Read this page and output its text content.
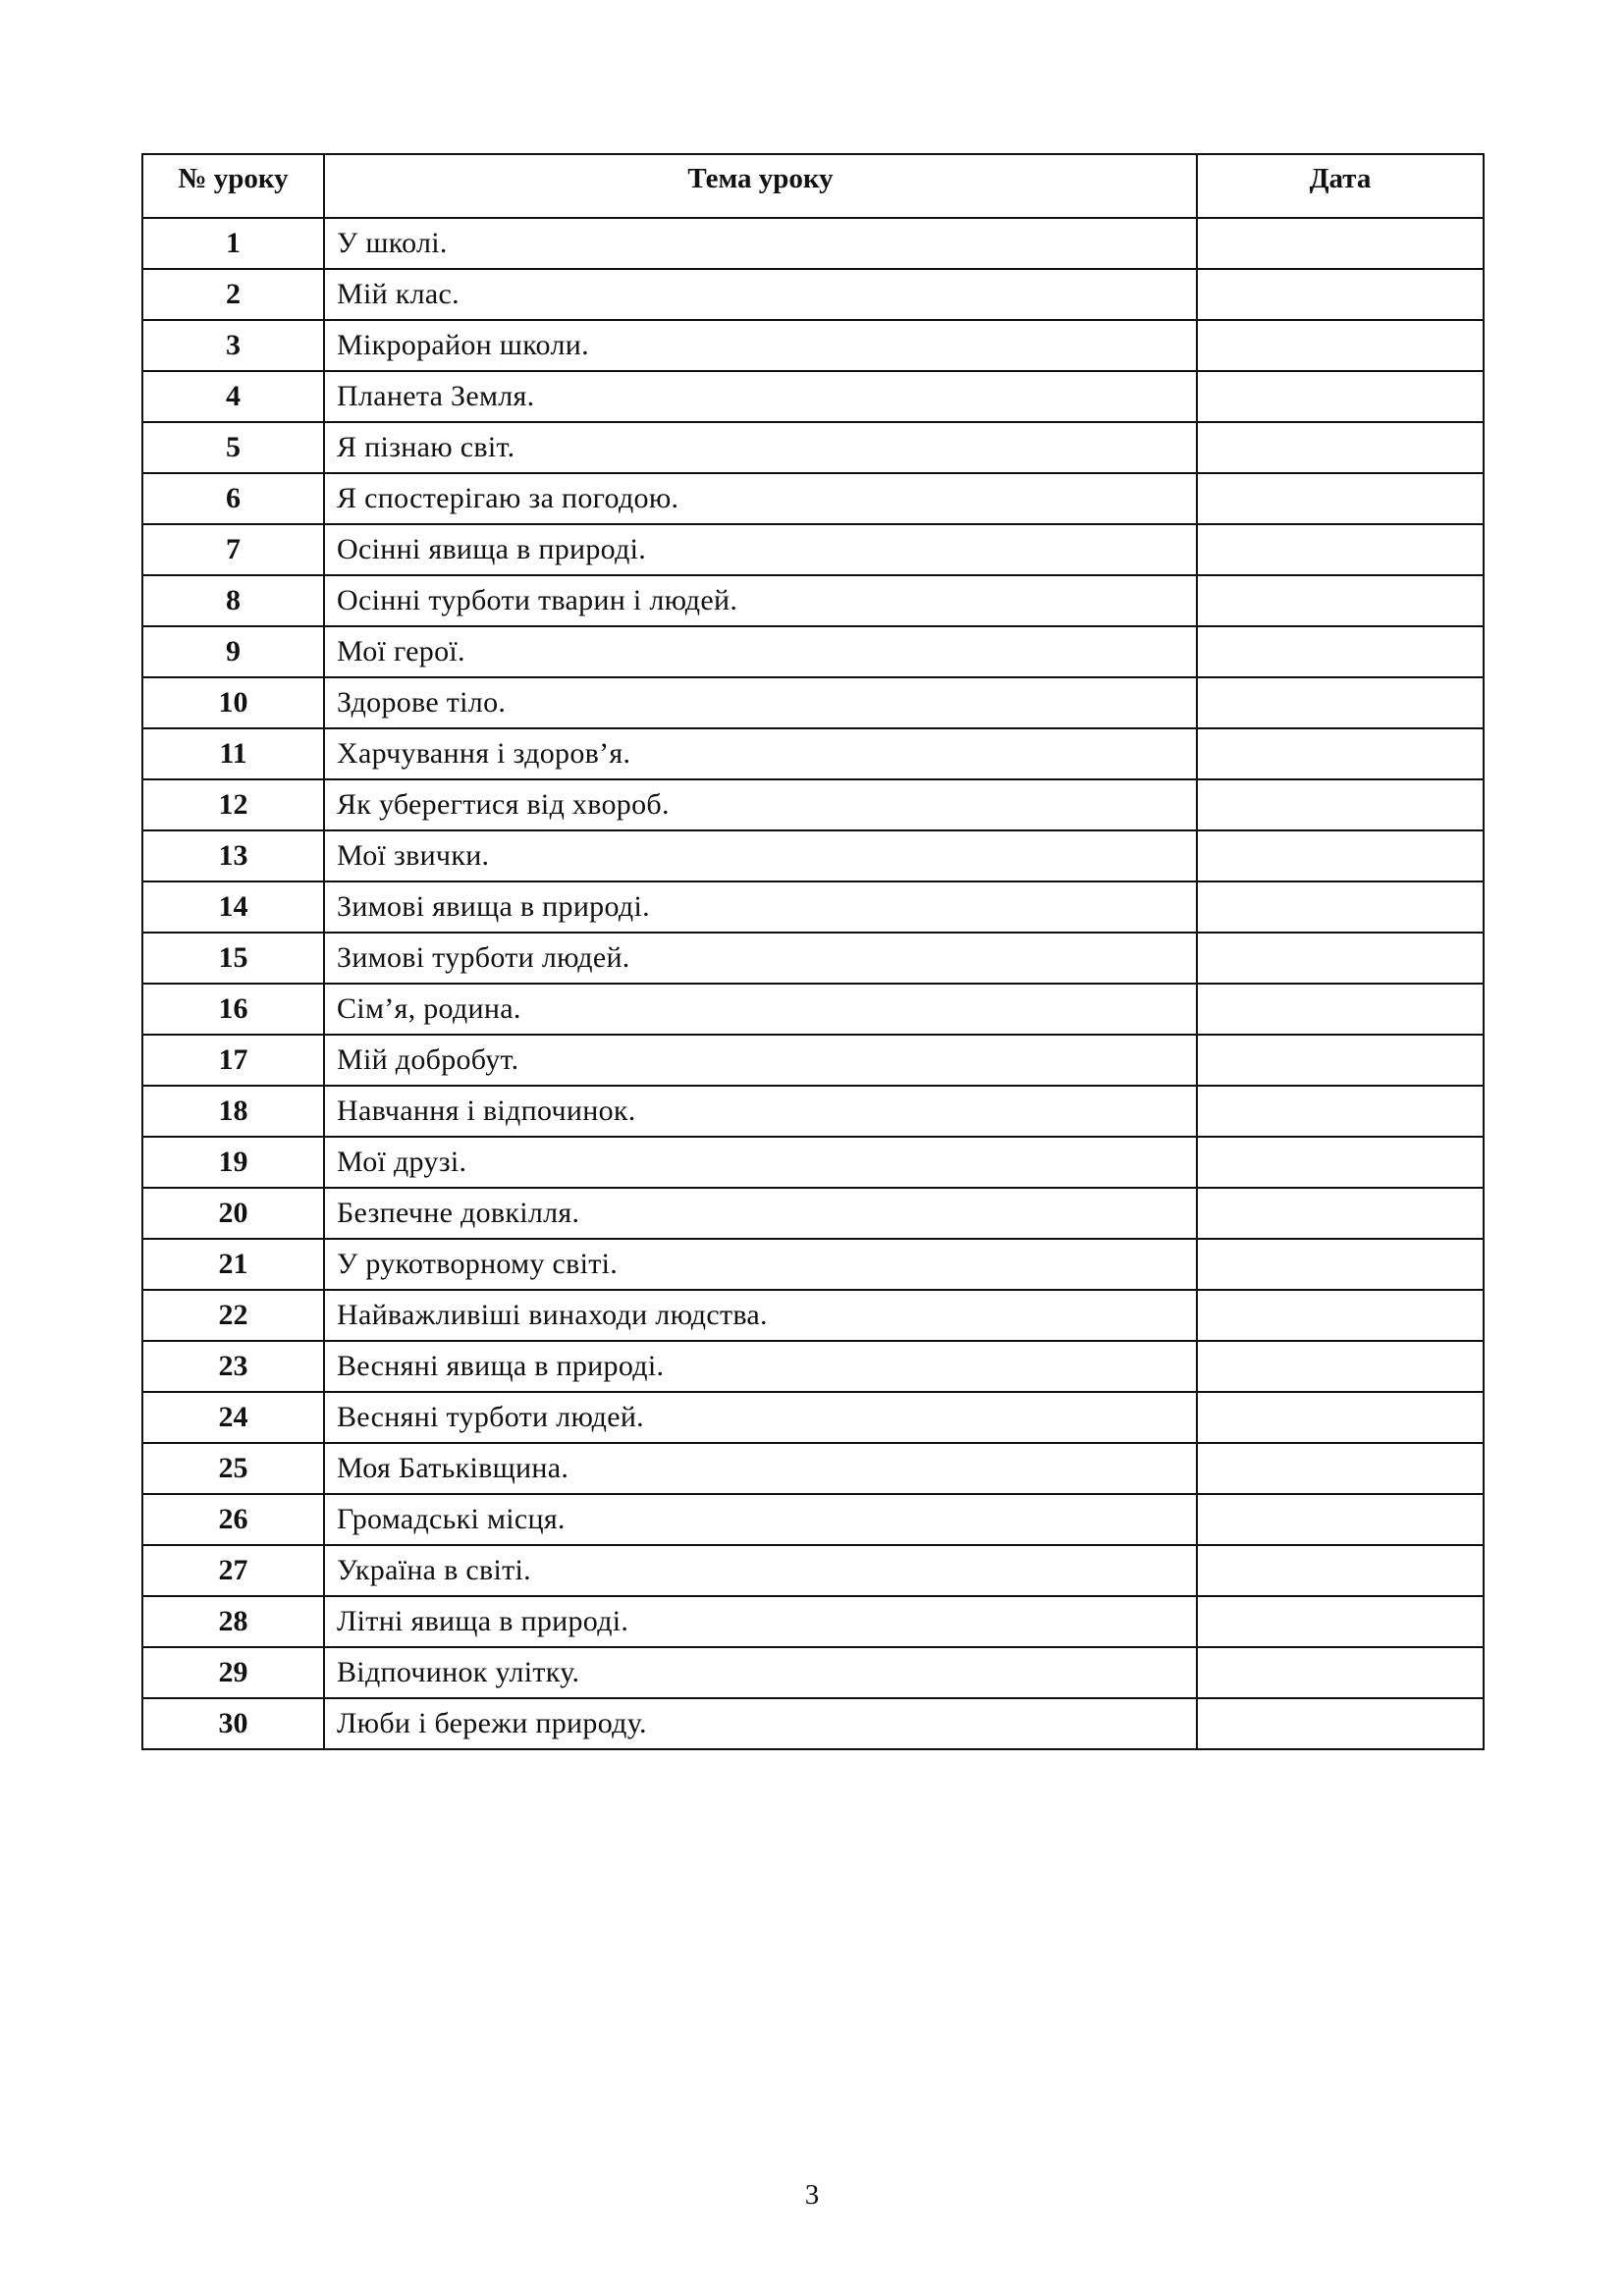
№ уроку	Тема уроку	Дата
1	У школі.	
2	Мій клас.	
3	Мікрорайон школи.	
4	Планета Земля.	
5	Я пізнаю світ.	
6	Я спостерігаю за погодою.	
7	Осінні явища в природі.	
8	Осінні турботи тварин і людей.	
9	Мої герої.	
10	Здорове тіло.	
11	Харчування і здоров’я.	
12	Як уберегтися від хвороб.	
13	Мої звички.	
14	Зимові явища в природі.	
15	Зимові турботи людей.	
16	Сім’я, родина.	
17	Мій добробут.	
18	Навчання і відпочинок.	
19	Мої друзі.	
20	Безпечне довкілля.	
21	У рукотворному світі.	
22	Найважливіші винаходи людства.	
23	Весняні явища в природі.	
24	Весняні турботи людей.	
25	Моя Батьківщина.	
26	Громадські місця.	
27	Україна в світі.	
28	Літні явища в природі.	
29	Відпочинок улітку.	
30	Люби і бережи природу.	
3
